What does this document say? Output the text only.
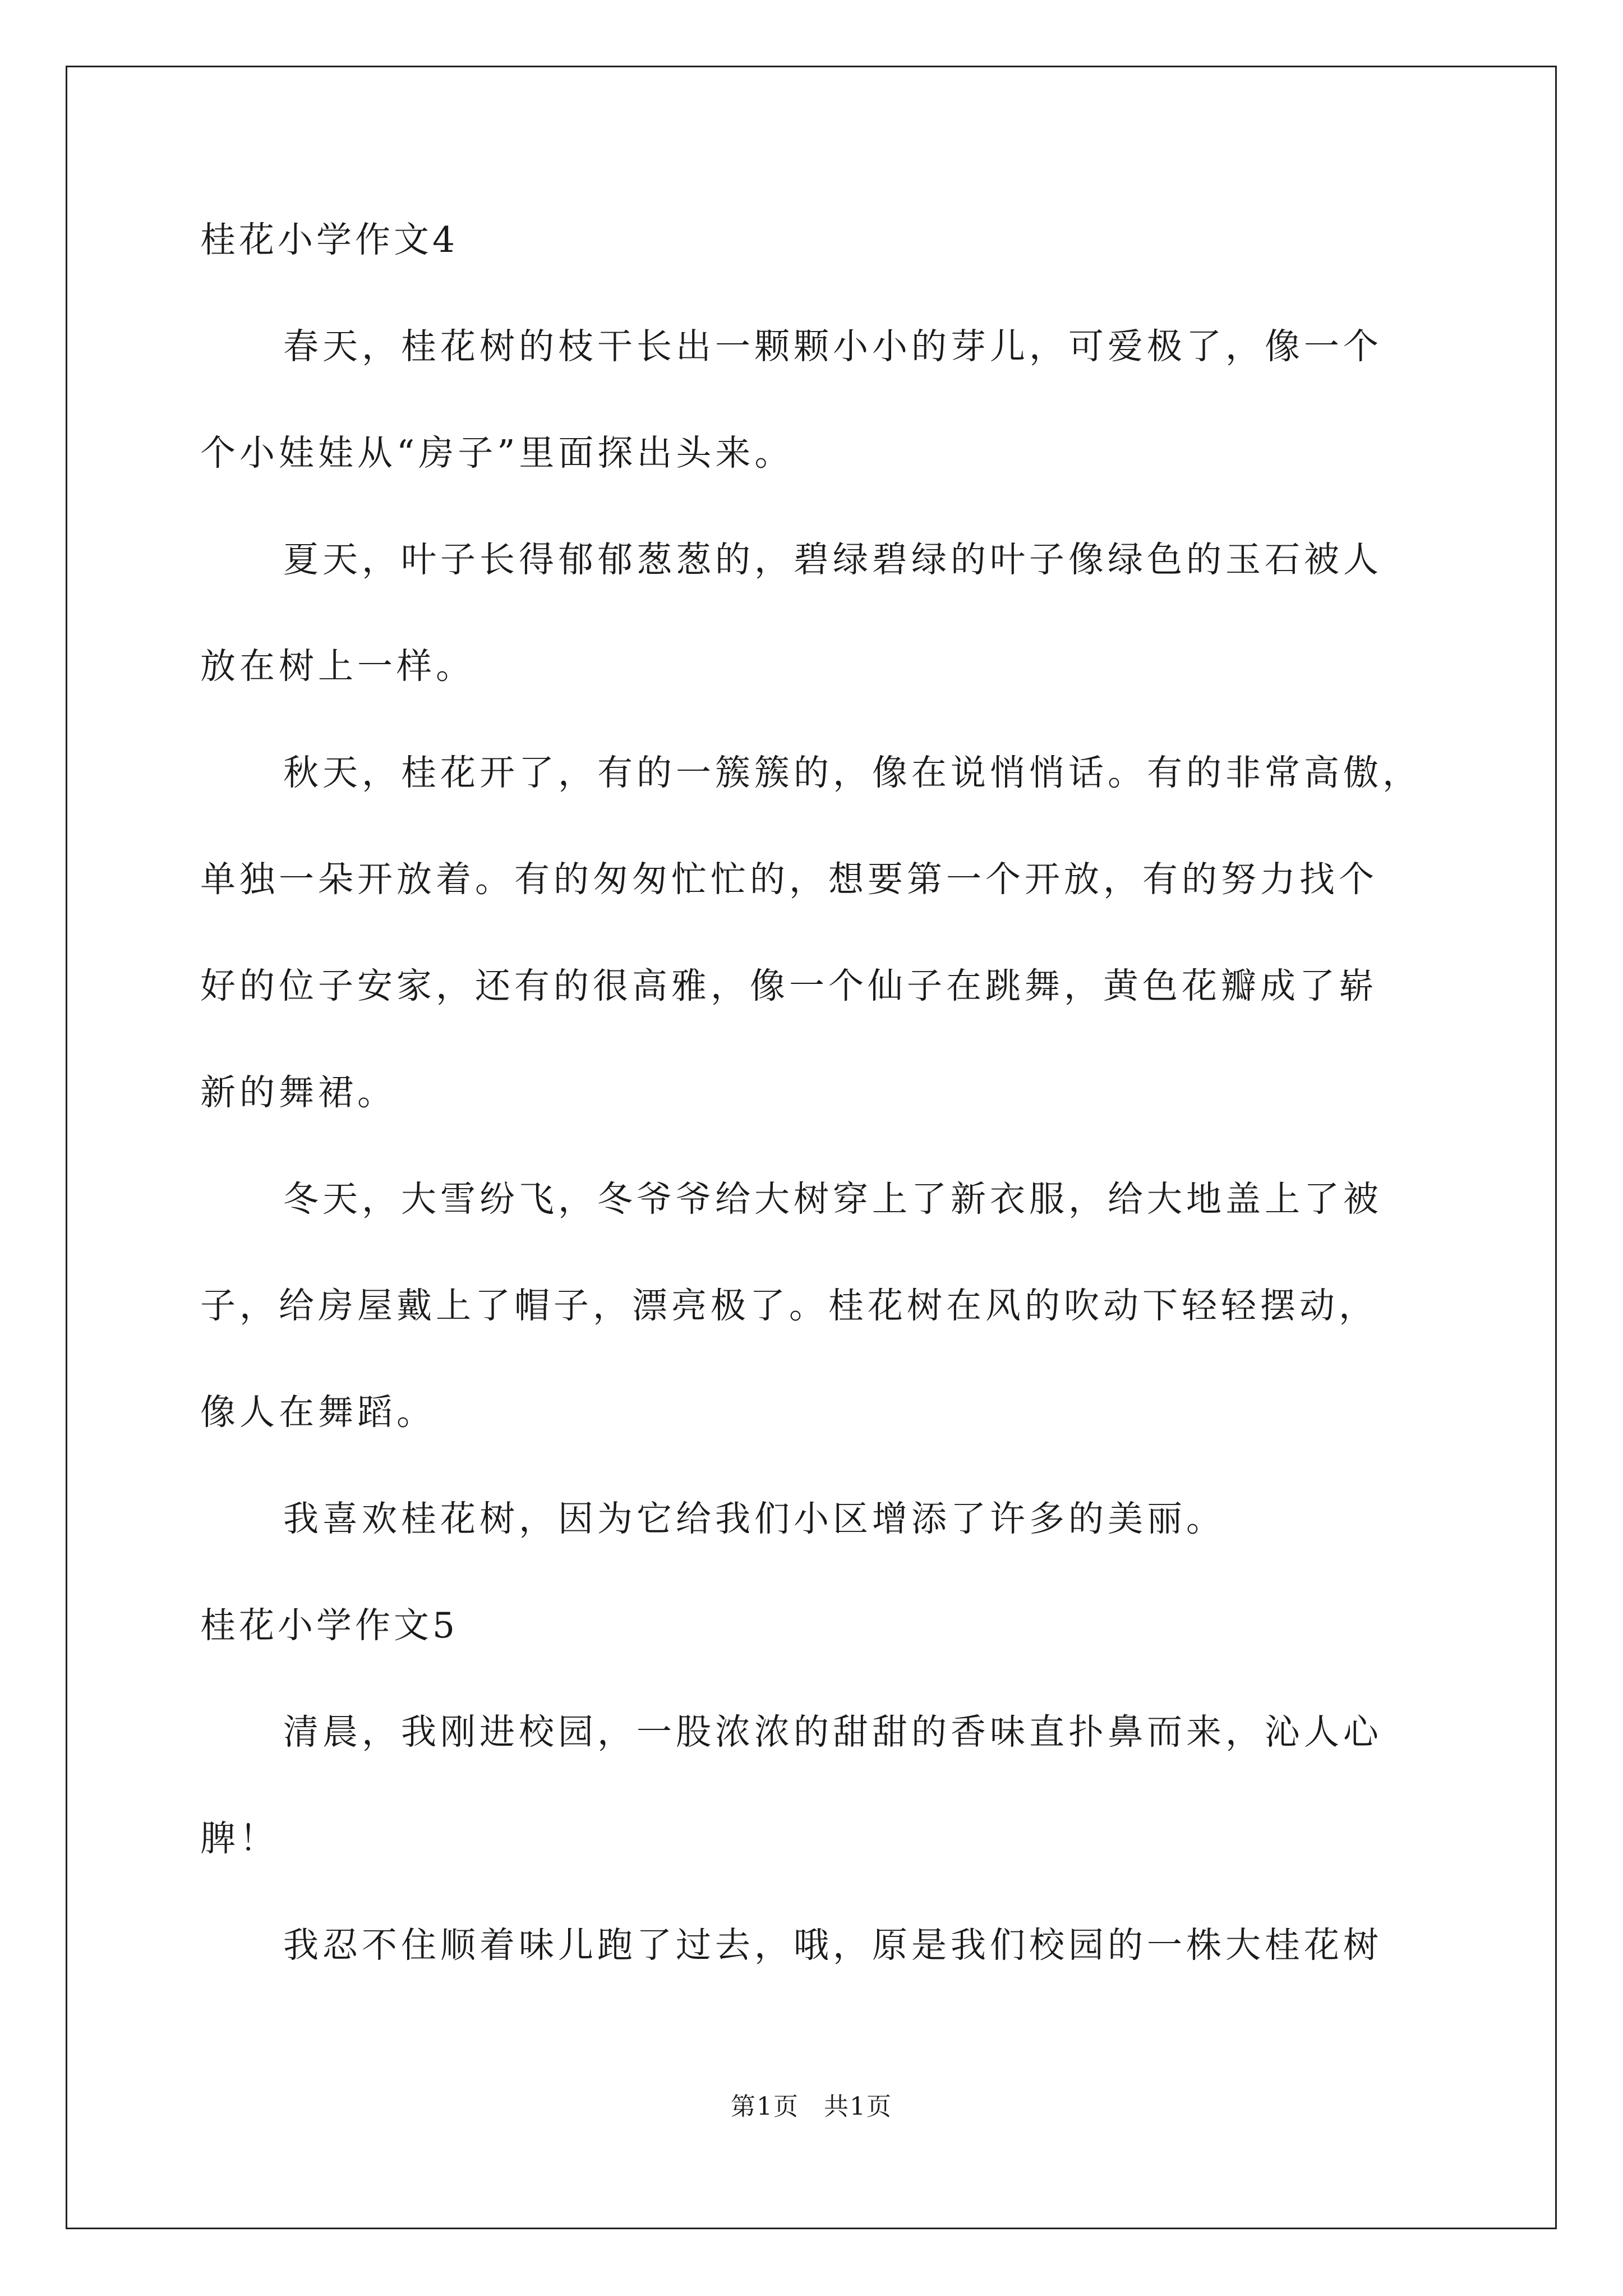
桂花小学作文4
春天，桂花树的枝干长出一颗颗小小的芽儿，可爱极了，像一个
个小娃娃从“房子”里面探出头来。
夏天，叶子长得郁郁葱葱的，碧绿碧绿的叶子像绿色的玉石被人
放在树上一样。
秋天，桂花开了，有的一簇簇的，像在说悄悄话。有的非常高傲，
单独一朵开放着。有的匆匆忙忙的，想要第一个开放，有的努力找个
好的位子安家，还有的很高雅，像一个仙子在跳舞，黄色花瓣成了崭
新的舞裙。
冬天，大雪纷飞，冬爷爷给大树穿上了新衣服，给大地盖上了被
子，给房屋戴上了帽子，漂亮极了。桂花树在风的吹动下轻轻摆动，
像人在舞蹈。
我喜欢桂花树，因为它给我们小区增添了许多的美丽。
桂花小学作文5
清晨，我刚进校园，一股浓浓的甜甜的香味直扑鼻而来，沁人心
脾！
我忍不住顺着味儿跑了过去，哦，原是我们校园的一株大桂花树
第1页 共1页
